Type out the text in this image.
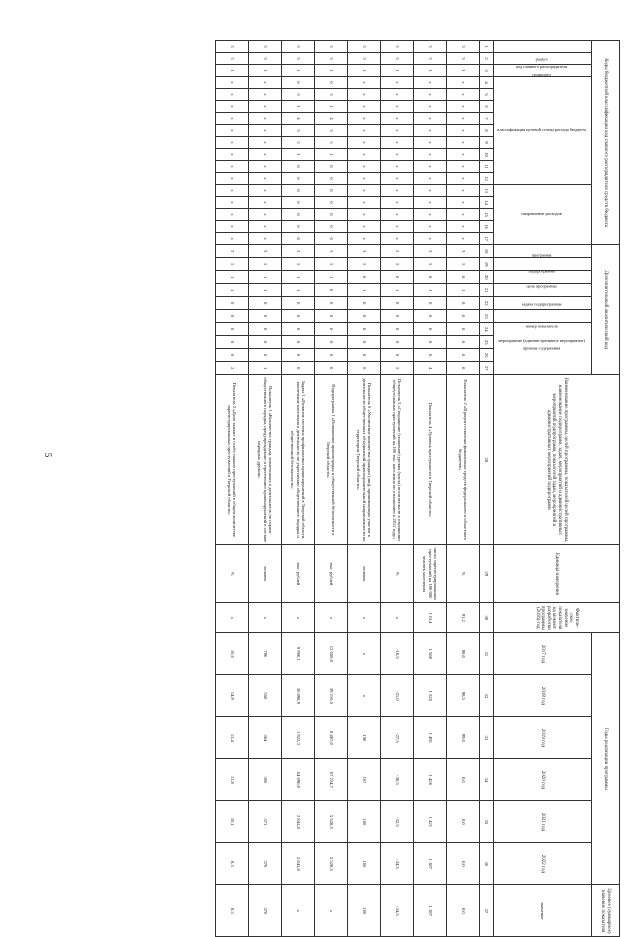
5
Коды бюджетной классификации код главного распорядителя средств бюджета																	Дополнительный аналитический код										Наименование программы, целей программы, показателей целей программы, наименование подпрограмм, задач, мероприятий и административных мероприятий подпрограмм, показателей задач, мероприятий и административных мероприятий подпрограмм	Единица измерения	Фактиче-ское значение показателя на момент разработки программы (2016) год	Годы реализации программы						Целевое (суммарное) значение показателя
код главного распорядителя	раздел	подраздел	классификация целевой статьи расхода бюджета									направление расходов					программа	подпрограмма	цель программы	задача подпрограммы	мероприятие (административное мероприятие)	номер показателя	признак содержания							2017 год	2018 год	2019 год	2020 год	2021 год	2022 год	значение
1	2	3	4	5	6	7	8	9	10	11	12	13	14	15	16	17	18	19	20	21	22	23	24	25	26	27	28	29	30	31	32	33	34	35	36	37
3	3	1	x	x	x	x	x	x	x	x	x	x	x	x	x	x	3	5	0	1	0	0	0	0	0	0	Показатель 2 «Процент освоения финансовых средств федерального и областного бюджетов»	%	91,2	98,0	98,5	99,0	0,0	0,0	0,0	0,0
3	3	1	x	x	x	x	x	x	x	x	x	x	x	x	x	x	3	5	0	1	0	0	0	0	0	4	Показатель 4 «Уровень преступности в Тверской области»	число зарегистрированных преступлений на 100 000 человек населения	1 614	1 560	1 525	1 491	1 456	1 421	1 387	1 387
3	3	1	x	x	x	x	x	x	x	x	x	x	x	x	x	x	3	5	0	1	0	0	0	0	0	5	Показатель 5 «Сокращение (снижение) уровня (числа) посягательств в отношении общеуголовных преступлений на 100 тыс. населения по отношению к 2012 году»	%	x	-10,5	-21,0	-27,5	-30,5	-32,5	-34,5	-34,5
3	3	1	x	x	x	x	x	x	x	x	x	x	x	x	x	x	3	5	0	1	0	0	0	0	0	6	Показатель 6 «Увеличение количества граждан (лиц), принимающих участие в деятельности общественных объединений правоохранительной направленности на территории Тверской области»	человек	x	x	x	150	167	166	166	166
3	3	1	0	3	1	4	3	5	1	0	0	0	0	0	0	0	3	5	1	0	0	0	0	0	0	0	Подпрограмма 1 «Повышение правопорядка и общественной безопасности в Тверской области»	тыс. рублей	x	12 656,0	39 216,5	8 407,0	67 224,7	5 528,5	5 528,5	x
3	3	1	0	3	1	4	3	5	1	0	0	0	0	0	0	0	3	5	1	1	0	0	0	0	0	0	Задача 1 «Развитие системы профилактики правонарушений в Тверской области, вовлечение населения в деятельность по укреплению общественного порядка и общественной безопасности»	тыс. рублей	x	9 960,1	36 898,9	1 922,3	64 690,0	2 843,8	2 843,8	x
3	3	1	x	x	x	x	x	x	x	x	x	x	x	x	x	x	3	5	1	1	0	0	0	0	0	1	Показатель 1 «Количество граждан, вовлеченных в деятельность по охране общественного порядка, предупреждению и пресечению правонарушений в составе народных дружин»	человек	x	700	556	364	366	371	376	376
3	3	1	x	x	x	x	x	x	x	x	x	x	x	x	x	x	3	5	1	1	0	0	0	0	0	2	Показатель 2 «Доля тяжких и особо тяжких преступлений в общем количестве зарегистрированных преступлений в Тверской области»	%	x	16,6	14,9	13,4	11,8	10,1	8,3	8,3
